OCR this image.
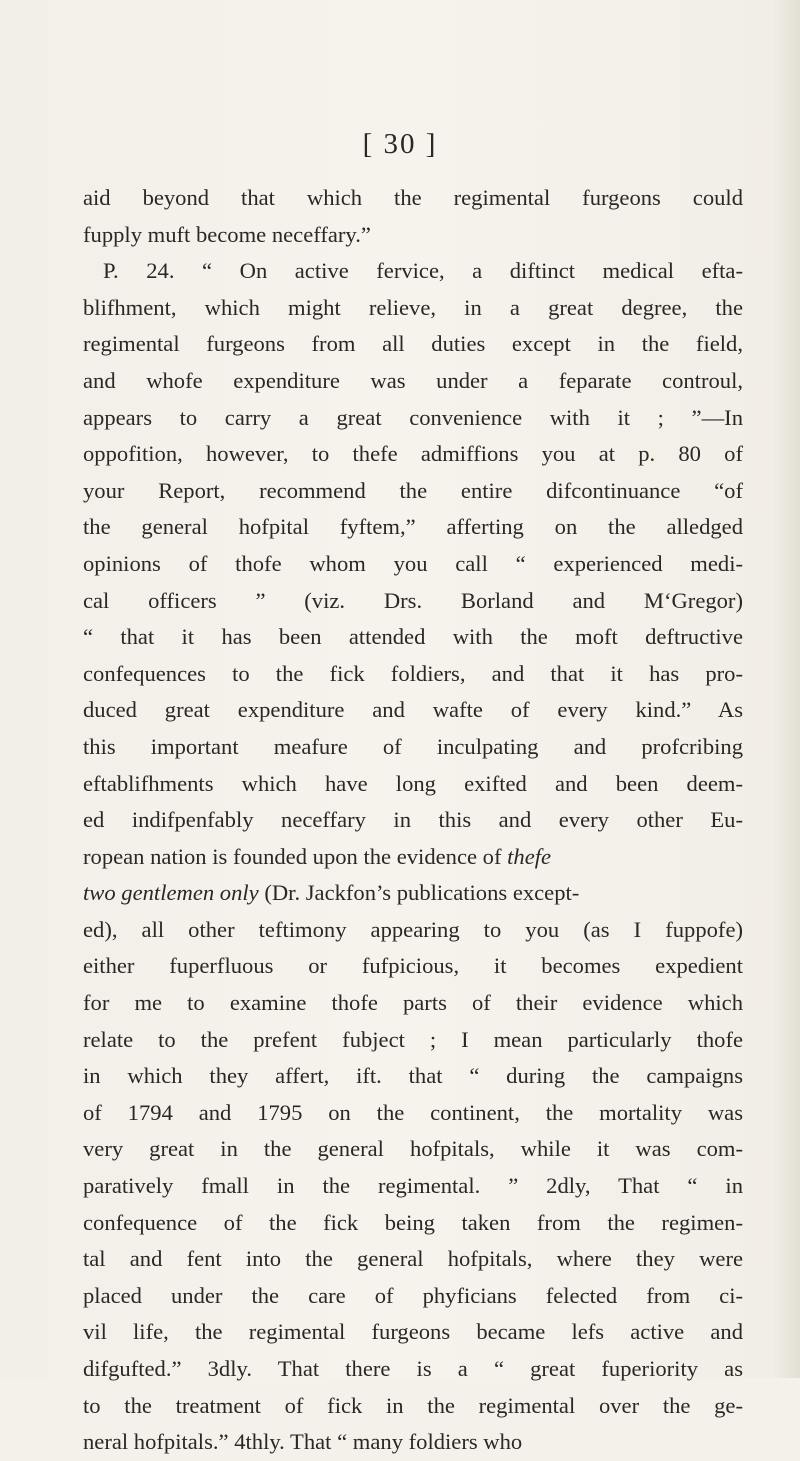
[ 30 ]
aid beyond that which the regimental furgeons could
fupply muft become neceffary.”
P. 24. “ On active fervice, a diftinct medical efta-
blifhment, which might relieve, in a great degree, the
regimental furgeons from all duties except in the field,
and whofe expenditure was under a feparate controul,
appears to carry a great convenience with it ; ”—In
oppofition, however, to thefe admiffions you at p. 80 of
your Report, recommend the entire difcontinuance “of
the general hofpital fyftem,” afferting on the alledged
opinions of thofe whom you call “ experienced medi-
cal officers ” (viz. Drs. Borland and M‘Gregor)
“ that it has been attended with the moft deftructive
confequences to the fick foldiers, and that it has pro-
duced great expenditure and wafte of every kind.” As
this important meafure of inculpating and profcribing
eftablifhments which have long exifted and been deem-
ed indifpenfably neceffary in this and every other Eu-
ropean nation is founded upon the evidence of thefe
two gentlemen only (Dr. Jackfon’s publications except-
ed), all other teftimony appearing to you (as I fuppofe)
either fuperfluous or fufpicious, it becomes expedient
for me to examine thofe parts of their evidence which
relate to the prefent fubject ; I mean particularly thofe
in which they affert, ift. that “ during the campaigns
of 1794 and 1795 on the continent, the mortality was
very great in the general hofpitals, while it was com-
paratively fmall in the regimental. ” 2dly, That “ in
confequence of the fick being taken from the regimen-
tal and fent into the general hofpitals, where they were
placed under the care of phyficians felected from ci-
vil life, the regimental furgeons became lefs active and
difgufted.” 3dly. That there is a “ great fuperiority as
to the treatment of fick in the regimental over the ge-
neral hofpitals.” 4thly. That “ many foldiers who
